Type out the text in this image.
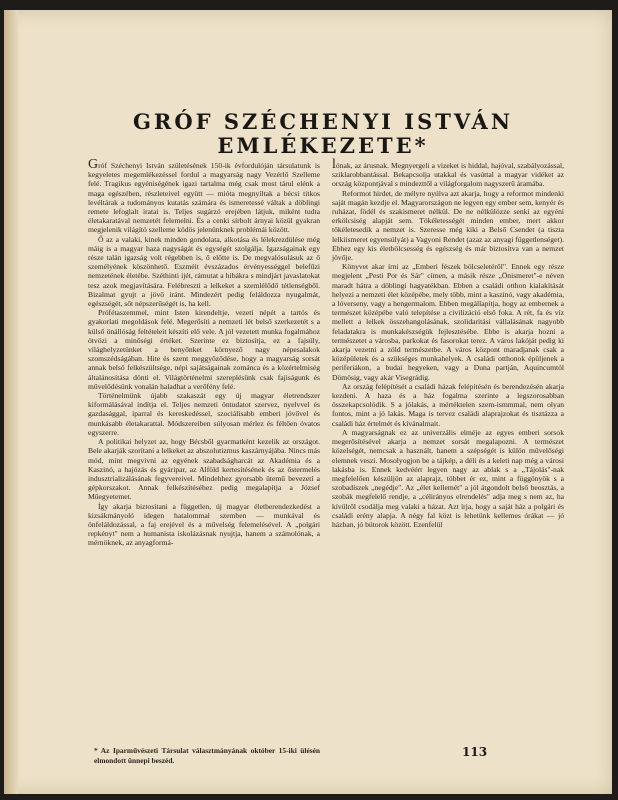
GRÓF SZÉCHENYI ISTVÁN
EMLÉKEZETE*

Gróf Széchenyi István születésének 150-ik évfordulóján társulatunk is kegyeletes megemlékezéssel fordul a magyarság nagy Vezérlő Szelleme felé. Tragikus egyéniségének igazi tartalma még csak most tárul elénk a maga egészében, részleteivel együtt — miótа megnyíltak a bécsi titkos levéltárak a tudományos kutatás számára és ismeretessé váltak a döblingi remete lefoglalt iratai is. Teljes sugárzó erejében látjuk, miként tudta életakaratával nemzetét felemelni. És a cenki sírbolt árnyai közül gyakran megjelenik világító szelleme ködös jelenünknek problémái között.

Ő az a valaki, kinek minden gondolata, alkotása és lélekrezdülése még máig is a magyar haza nagyságát és egységét szolgálja. Igazságainak egy része talán igazság volt régebben is, ő előtte is. De megvalósulásuk az ő személyének köszönhető. Eszméit évszázados érvényességgel belefűzi nemzetének életébe. Széthinti ijét, rámutat a hibákra s mindjárt javaslatokat tesz azok megjavítására. Felébreszti a lelkeket a szemlélődő tétlenségből. Bizalmat gyujt a jövő iránt. Mindezért pedig feláldozza nyugalmát, egészségét, sőt népszerűségét is, ha kell.

Prófétaszemmel, mint Isten kirendeltje, vezeti népét a tartós és gyakorlati megoldások felé. Megerősíti a nemzeti lét belső szerkezetét s a külső önállóság feltételeit készíti elő vele. A jól vezetett munka fogalmához ötvözi a minőségi értéket. Szerinte ez biztosítja, ez a fajsúly, világhelyzetünket a benyőnket környező nagy népesalakok szomszédságában. Hite és szent meggyőződése, hogy a magyarság sorsát annak belső felkészültsége, népi sajátságainak zománca és a közértelmiség általánosítása dönti el. Világtörténelmi szereplésünk csak fajiságunk és művelődésünk vonalán haladhat a verőfény felé.

Történelmünk újabb szakaszát egy új magyar életrendszer kiformálásával indítja el. Teljes nemzeti öntudatot szervez, nyelvvel és gazdasággal, iparral és kereskedéssel, szociálisabb emberi jóvővel és munkásabb életakarattal. Módszereiben súlyosan mérlez és féltően óvatos egyszerre.

A politikai helyzet az, hogy Bécsből gyarmatként kezelik az országot. Bele akarják szorítani a lelkeket az abszolutizmus kaszárnyájába. Nincs más mód, mint megvívni az egyének szabadságharcát az Akadémia és a Kaszinó, a hajózás és gyáripar, az Alföld kertesítésének és az őstermelés indusztrializálásának fegyvereivel. Mindehhez gyorsabb ütemű bevezetí a gépkorszakot. Annak felkészítéséhez pedig megalapítja a József Műegyetemet.

Így akarja biztosítani a független, új magyar életberendezkedést a kizsákmányoló idegen hatalommal szemben — munkával és önfeláldozással, a faj erejével és a művelség felemelésével. A „polgári repkényt" nem a humanista iskolázásnak nyujtja, hanem a számolónak, a mérnöknek, az anyagformá-

lónak, az árusnak. Megnyergeli a vizeket is hiddal, hajóval, szabályozással, sziklarobbantással. Bekapcsolja utakkal és vasúttal a magyar vidéket az ország központjával s mindezttől a világforgalom nagyszerű áramába.

Reformot hirdet, de mélyre nyúlva azt akarja, hogy a reformot mindenki saját magán kezdje el. Magyarországon ne legyen egy ember sem, kenyér és ruházat, födél és szakismeret nélkül. De ne nélkülözze senki az egyéni erkölcsiség alapját sem. Tökéletességét minden ember, mert akkor tökéletesedik a nemzet is. Szeresse még kiki a Belső Csendet (a tiszta lelkiismeret egyensúlyát) a Vagyoni Rendet (azaz az anyagi függetlenséget). Ebhez egy kis életbölcsesség és egészség és már biztosítva van a nemzet jövője.

Könyvet akar írni az „Emberi fészek bölcseletéről". Ennek egy része megjelent „Pesti Por és Sár" címen, a másik része „Önismeret"-e néven maradt hátra a döblingi hagyatékban. Ebben a családi otthon kialakítását helyezi a nemzeti élet középébe, mely több, mint a kaszinó, vagy akadémia, a lóverseny, vagy a hengermalom. Ebben megállapítja, hogy az embernek a természet középébe való telepítése a civilizáció első foka. A rét, fa és víz mellett a lelkek összehangolásának, szolidaritási vállalásának nagyobb feladatakra is munkakészségük fejlesztésébe. Ebbe is akarja hozni a természetet a városba, parkokat és fasorokat terez. A város lakóját pedig ki akarja vezetni a zöld természetbe. A város központ maradjanak csak a középületek és a szükséges munkahelyek. A családi otthonok épüljenek a periferiákon, a budai hegyeken, vagy a Duna partján, Aquincumtól Dömösig, vagy akár Visegrádig.

Az ország felépítését a családi házak felépítésén és berendezésén akarja kezdeni. A haza és a ház fogalma szerinte a legszorosabban összekapcsolódik. S a jólakás, a mértéktelen szem-ismmmal, nem olyan fontos, mint a jó lakás. Maga is tervez családi alaprajzokat és tisztázza a családi ház értelmét és kívánalmait.

A magyarságnak ez az univerzális elméje az egyes emberi sorsok megerősítésével akarja a nemzet sorsát megalapozni. A természet közelségét, nemcsak a használt, hanem a szépségét is külön művelőségi elemnek veszi. Mosolyogjon be a tájkép, a déli és a keleti nap még a városi lakásba is. Ennek kedvéért legyen nagy az ablak s a „Tájolás"-nak megfelelően készüljön az alaprajz, többet ér ez, mint a függönyök s a szobadíszek „negédje". Az „élet kellemét" a jól átgondolt belső beosztás, a szobák megfelelő rendje, a „célirányos elrendelés" adja meg s nem az, ha kívülről csodálja meg valaki a házat. Azt írja, hogy a saját ház a polgári és családi erény alapja. A négy fal közt is lehetünk kellemes órákat — jó házban, jó bútorok között. Ezenfelül

* Az Iparművészeti Társulat választmányának október 15-iki ülésén elmondott ünnepi beszéd.
113
